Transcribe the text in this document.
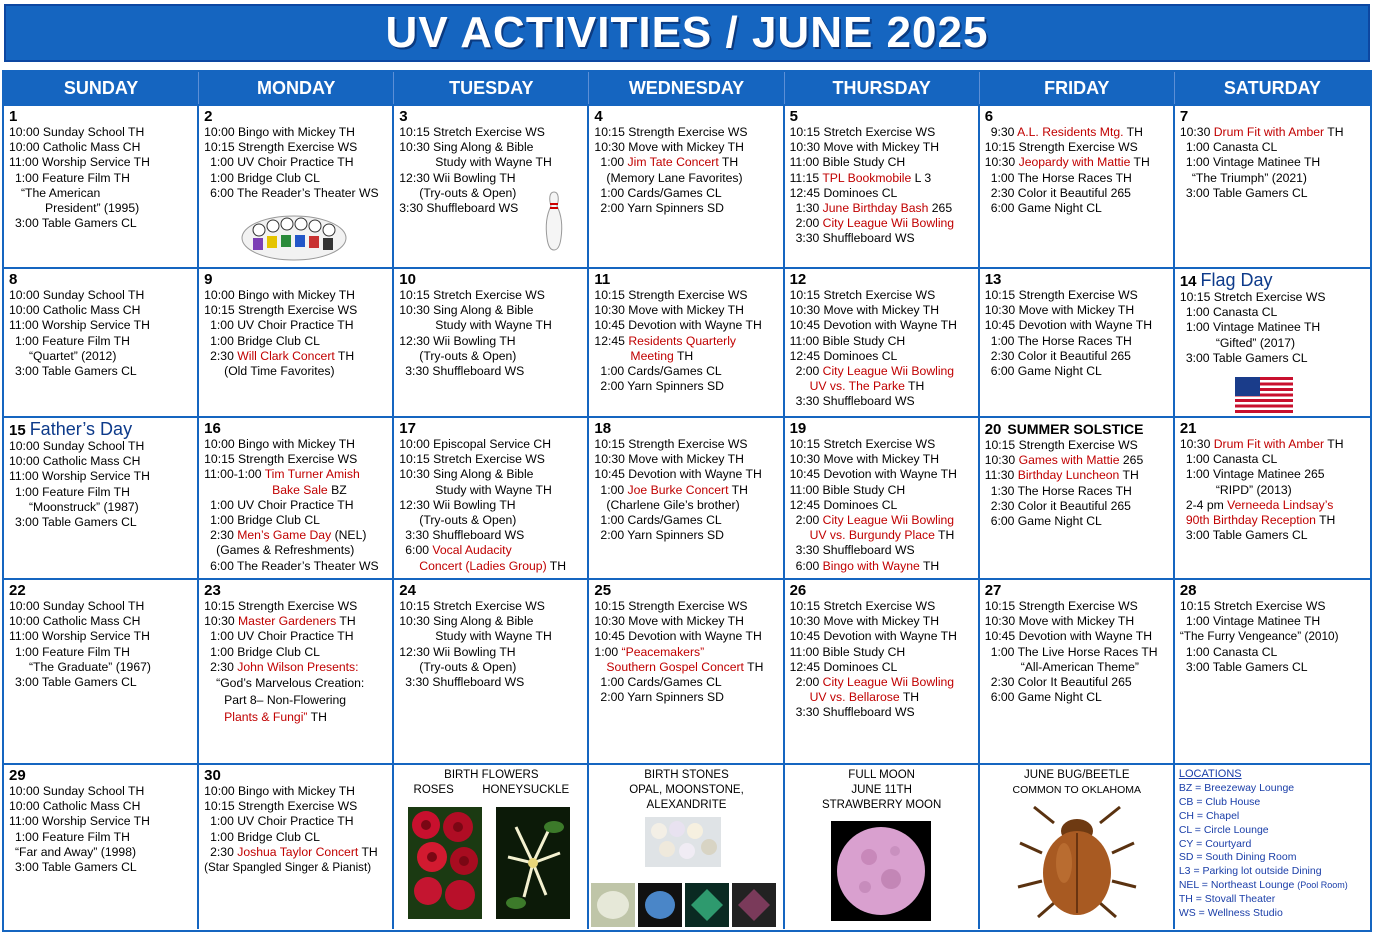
UV ACTIVITIES / JUNE 2025
SUNDAY	MONDAY	TUESDAY	WEDNESDAY	THURSDAY	FRIDAY	SATURDAY
1
10:00 Sunday School TH
10:00 Catholic Mass CH
11:00 Worship Service TH
1:00 Feature Film TH
“The American
President” (1995)
3:00 Table Gamers CL
2
10:00 Bingo with Mickey TH
10:15 Strength Exercise WS
1:00 UV Choir Practice TH
1:00 Bridge Club CL
6:00 The Reader’s Theater WS
3
10:15 Stretch Exercise WS
10:30 Sing Along & Bible
Study with Wayne TH
12:30 Wii Bowling TH
(Try-outs & Open)
3:30 Shuffleboard WS
4
10:15 Strength Exercise WS
10:30 Move with Mickey TH
1:00 Jim Tate Concert TH
(Memory Lane Favorites)
1:00 Cards/Games CL
2:00 Yarn Spinners SD
5
10:15 Stretch Exercise WS
10:30 Move with Mickey TH
11:00 Bible Study CH
11:15 TPL Bookmobile L 3
12:45 Dominoes CL
1:30 June Birthday Bash 265
2:00 City League Wii Bowling
3:30 Shuffleboard WS
6
9:30 A.L. Residents Mtg. TH
10:15 Strength Exercise WS
10:30 Jeopardy with Mattie TH
1:00 The Horse Races TH
2:30 Color it Beautiful 265
6:00 Game Night CL
7
10:30 Drum Fit with Amber TH
1:00 Canasta CL
1:00 Vintage Matinee TH
“The Triumph” (2021)
3:00 Table Gamers CL
8
10:00 Sunday School TH
10:00 Catholic Mass CH
11:00 Worship Service TH
1:00 Feature Film TH
“Quartet” (2012)
3:00 Table Gamers CL
9
10:00 Bingo with Mickey TH
10:15 Strength Exercise WS
1:00 UV Choir Practice TH
1:00 Bridge Club CL
2:30 Will Clark Concert TH
(Old Time Favorites)
10
10:15 Stretch Exercise WS
10:30 Sing Along & Bible
Study with Wayne TH
12:30 Wii Bowling TH
(Try-outs & Open)
3:30 Shuffleboard WS
11
10:15 Strength Exercise WS
10:30 Move with Mickey TH
10:45 Devotion with Wayne TH
12:45 Residents Quarterly
Meeting TH
1:00 Cards/Games CL
2:00 Yarn Spinners SD
12
10:15 Stretch Exercise WS
10:30 Move with Mickey TH
10:45 Devotion with Wayne TH
11:00 Bible Study CH
12:45 Dominoes CL
2:00 City League Wii Bowling
UV vs. The Parke TH
3:30 Shuffleboard WS
13
10:15 Strength Exercise WS
10:30 Move with Mickey TH
10:45 Devotion with Wayne TH
1:00 The Horse Races TH
2:30 Color it Beautiful 265
6:00 Game Night CL
14 Flag Day
10:15 Stretch Exercise WS
1:00 Canasta CL
1:00 Vintage Matinee TH
“Gifted” (2017)
3:00 Table Gamers CL
15 Father’s Day
10:00 Sunday School TH
10:00 Catholic Mass CH
11:00 Worship Service TH
1:00 Feature Film TH
“Moonstruck” (1987)
3:00 Table Gamers CL
16
10:00 Bingo with Mickey TH
10:15 Strength Exercise WS
11:00-1:00 Tim Turner Amish
Bake Sale BZ
1:00 UV Choir Practice TH
1:00 Bridge Club CL
2:30 Men’s Game Day (NEL)
(Games & Refreshments)
6:00 The Reader’s Theater WS
17
10:00 Episcopal Service CH
10:15 Stretch Exercise WS
10:30 Sing Along & Bible
Study with Wayne TH
12:30 Wii Bowling TH
(Try-outs & Open)
3:30 Shuffleboard WS
6:00 Vocal Audacity
Concert (Ladies Group) TH
18
10:15 Strength Exercise WS
10:30 Move with Mickey TH
10:45 Devotion with Wayne TH
1:00 Joe Burke Concert TH
(Charlene Gile’s brother)
1:00 Cards/Games CL
2:00 Yarn Spinners SD
19
10:15 Stretch Exercise WS
10:30 Move with Mickey TH
10:45 Devotion with Wayne TH
11:00 Bible Study CH
12:45 Dominoes CL
2:00 City League Wii Bowling
UV vs. Burgundy Place TH
3:30 Shuffleboard WS
6:00 Bingo with Wayne TH
20 SUMMER SOLSTICE
10:15 Strength Exercise WS
10:30 Games with Mattie 265
11:30 Birthday Luncheon TH
1:30 The Horse Races TH
2:30 Color it Beautiful 265
6:00 Game Night CL
21
10:30 Drum Fit with Amber TH
1:00 Canasta CL
1:00 Vintage Matinee 265
“RIPD” (2013)
2-4 pm Verneeda Lindsay’s
90th Birthday Reception TH
3:00 Table Gamers CL
22
10:00 Sunday School TH
10:00 Catholic Mass CH
11:00 Worship Service TH
1:00 Feature Film TH
“The Graduate” (1967)
3:00 Table Gamers CL
23
10:15 Strength Exercise WS
10:30 Master Gardeners TH
1:00 UV Choir Practice TH
1:00 Bridge Club CL
2:30 John Wilson Presents:
“God’s Marvelous Creation:
Part 8– Non-Flowering
Plants & Fungi” TH
24
10:15 Stretch Exercise WS
10:30 Sing Along & Bible
Study with Wayne TH
12:30 Wii Bowling TH
(Try-outs & Open)
3:30 Shuffleboard WS
25
10:15 Strength Exercise WS
10:30 Move with Mickey TH
10:45 Devotion with Wayne TH
1:00 “Peacemakers”
Southern Gospel Concert TH
1:00 Cards/Games CL
2:00 Yarn Spinners SD
26
10:15 Stretch Exercise WS
10:30 Move with Mickey TH
10:45 Devotion with Wayne TH
11:00 Bible Study CH
12:45 Dominoes CL
2:00 City League Wii Bowling
UV vs. Bellarose TH
3:30 Shuffleboard WS
27
10:15 Strength Exercise WS
10:30 Move with Mickey TH
10:45 Devotion with Wayne TH
1:00 The Live Horse Races TH
“All-American Theme”
2:30 Color It Beautiful 265
6:00 Game Night CL
28
10:15 Stretch Exercise WS
1:00 Vintage Matinee TH
“The Furry Vengeance” (2010)
1:00 Canasta CL
3:00 Table Gamers CL
29
10:00 Sunday School TH
10:00 Catholic Mass CH
11:00 Worship Service TH
1:00 Feature Film TH
“Far and Away” (1998)
3:00 Table Gamers CL
30
10:00 Bingo with Mickey TH
10:15 Strength Exercise WS
1:00 UV Choir Practice TH
1:00 Bridge Club CL
2:30 Joshua Taylor Concert TH
(Star Spangled Singer & Pianist)
BIRTH FLOWERS
ROSES HONEYSUCKLE
BIRTH STONES
OPAL, MOONSTONE,
ALEXANDRITE
FULL MOON
JUNE 11TH
STRAWBERRY MOON
JUNE BUG/BEETLE
COMMON TO OKLAHOMA
LOCATIONS
BZ = Breezeway Lounge
CB = Club House
CH = Chapel
CL = Circle Lounge
CY = Courtyard
SD = South Dining Room
L3 = Parking lot outside Dining
NEL = Northeast Lounge (Pool Room)
TH = Stovall Theater
WS = Wellness Studio
